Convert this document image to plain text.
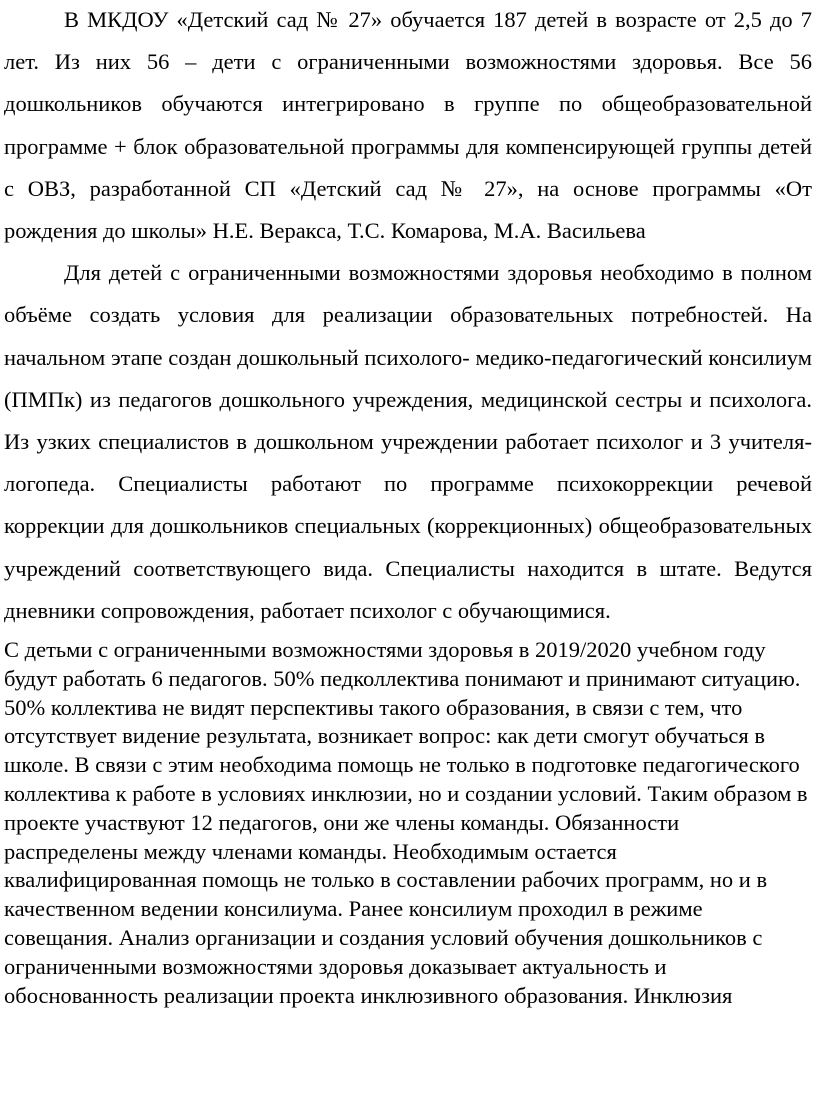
В МКДОУ «Детский сад № 27» обучается 187 детей в возрасте от 2,5 до 7 лет. Из них 56 – дети с ограниченными возможностями здоровья. Все 56 дошкольников обучаются интегрировано в группе по общеобразовательной программе + блок образовательной программы для компенсирующей группы детей с ОВЗ, разработанной СП «Детский сад № 27», на основе программы «От рождения до школы» Н.Е. Веракса, Т.С. Комарова, М.А. Васильева

Для детей с ограниченными возможностями здоровья необходимо в полном объёме создать условия для реализации образовательных потребностей. На начальном этапе создан дошкольный психолого- медико-педагогический консилиум (ПМПк) из педагогов дошкольного учреждения, медицинской сестры и психолога. Из узких специалистов в дошкольном учреждении работает психолог и 3 учителя-логопеда. Специалисты работают по программе психокоррекции речевой коррекции для дошкольников специальных (коррекционных) общеобразовательных учреждений соответствующего вида. Специалисты находится в штате. Ведутся дневники сопровождения, работает психолог с обучающимися.

С детьми с ограниченными возможностями здоровья в 2019/2020 учебном году будут работать 6 педагогов. 50% педколлектива понимают и принимают ситуацию. 50% коллектива не видят перспективы такого образования, в связи с тем, что отсутствует видение результата, возникает вопрос: как дети смогут обучаться в школе. В связи с этим необходима помощь не только в подготовке педагогического коллектива к работе в условиях инклюзии, но и создании условий. Таким образом в проекте участвуют 12 педагогов, они же члены команды. Обязанности распределены между членами команды. Необходимым остается квалифицированная помощь не только в составлении рабочих программ, но и в качественном ведении консилиума. Ранее консилиум проходил в режиме совещания. Анализ организации и создания условий обучения дошкольников с ограниченными возможностями здоровья доказывает актуальность и обоснованность реализации проекта инклюзивного образования. Инклюзия
